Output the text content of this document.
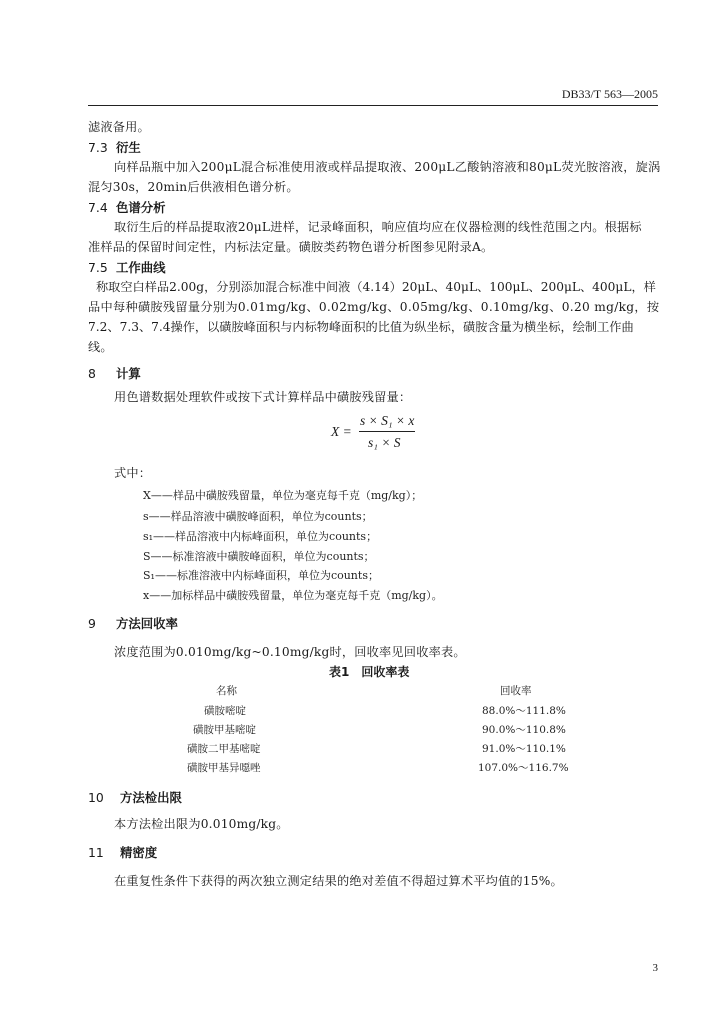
DB33/T 563—2005
滤液备用。
7.3 衍生
向样品瓶中加入200μL混合标准使用液或样品提取液、200μL乙酸钠溶液和80μL荧光胺溶液，旋涡
混匀30s，20min后供液相色谱分析。
7.4 色谱分析
取衍生后的样品提取液20μL进样，记录峰面积，响应值均应在仪器检测的线性范围之内。根据标
准样品的保留时间定性，内标法定量。磺胺类药物色谱分析图参见附录A。
7.5 工作曲线
称取空白样品2.00g，分别添加混合标准中间液（4.14）20μL、40μL、100μL、200μL、400μL，样
品中每种磺胺残留量分别为0.01mg/kg、0.02mg/kg、0.05mg/kg、0.10mg/kg、0.20 mg/kg，按
7.2、7.3、7.4操作，以磺胺峰面积与内标物峰面积的比值为纵坐标，磺胺含量为横坐标，绘制工作曲
线。
8 计算
用色谱数据处理软件或按下式计算样品中磺胺残留量：
X =
s × S₁ × x
s₁ × S
式中：
X——样品中磺胺残留量，单位为毫克每千克（mg/kg）；
s——样品溶液中磺胺峰面积，单位为counts；
s₁——样品溶液中内标峰面积，单位为counts；
S——标准溶液中磺胺峰面积，单位为counts；
S₁——标准溶液中内标峰面积，单位为counts；
x——加标样品中磺胺残留量，单位为毫克每千克（mg/kg）。
9 方法回收率
浓度范围为0.010mg/kg~0.10mg/kg时，回收率见回收率表。
表1　回收率表
名称	回收率
磺胺嘧啶	88.0%～111.8%
磺胺甲基嘧啶	90.0%～110.8%
磺胺二甲基嘧啶	91.0%～110.1%
磺胺甲基异噁唑	107.0%～116.7%
10 方法检出限
本方法检出限为0.010mg/kg。
11 精密度
在重复性条件下获得的两次独立测定结果的绝对差值不得超过算术平均值的15%。
3
